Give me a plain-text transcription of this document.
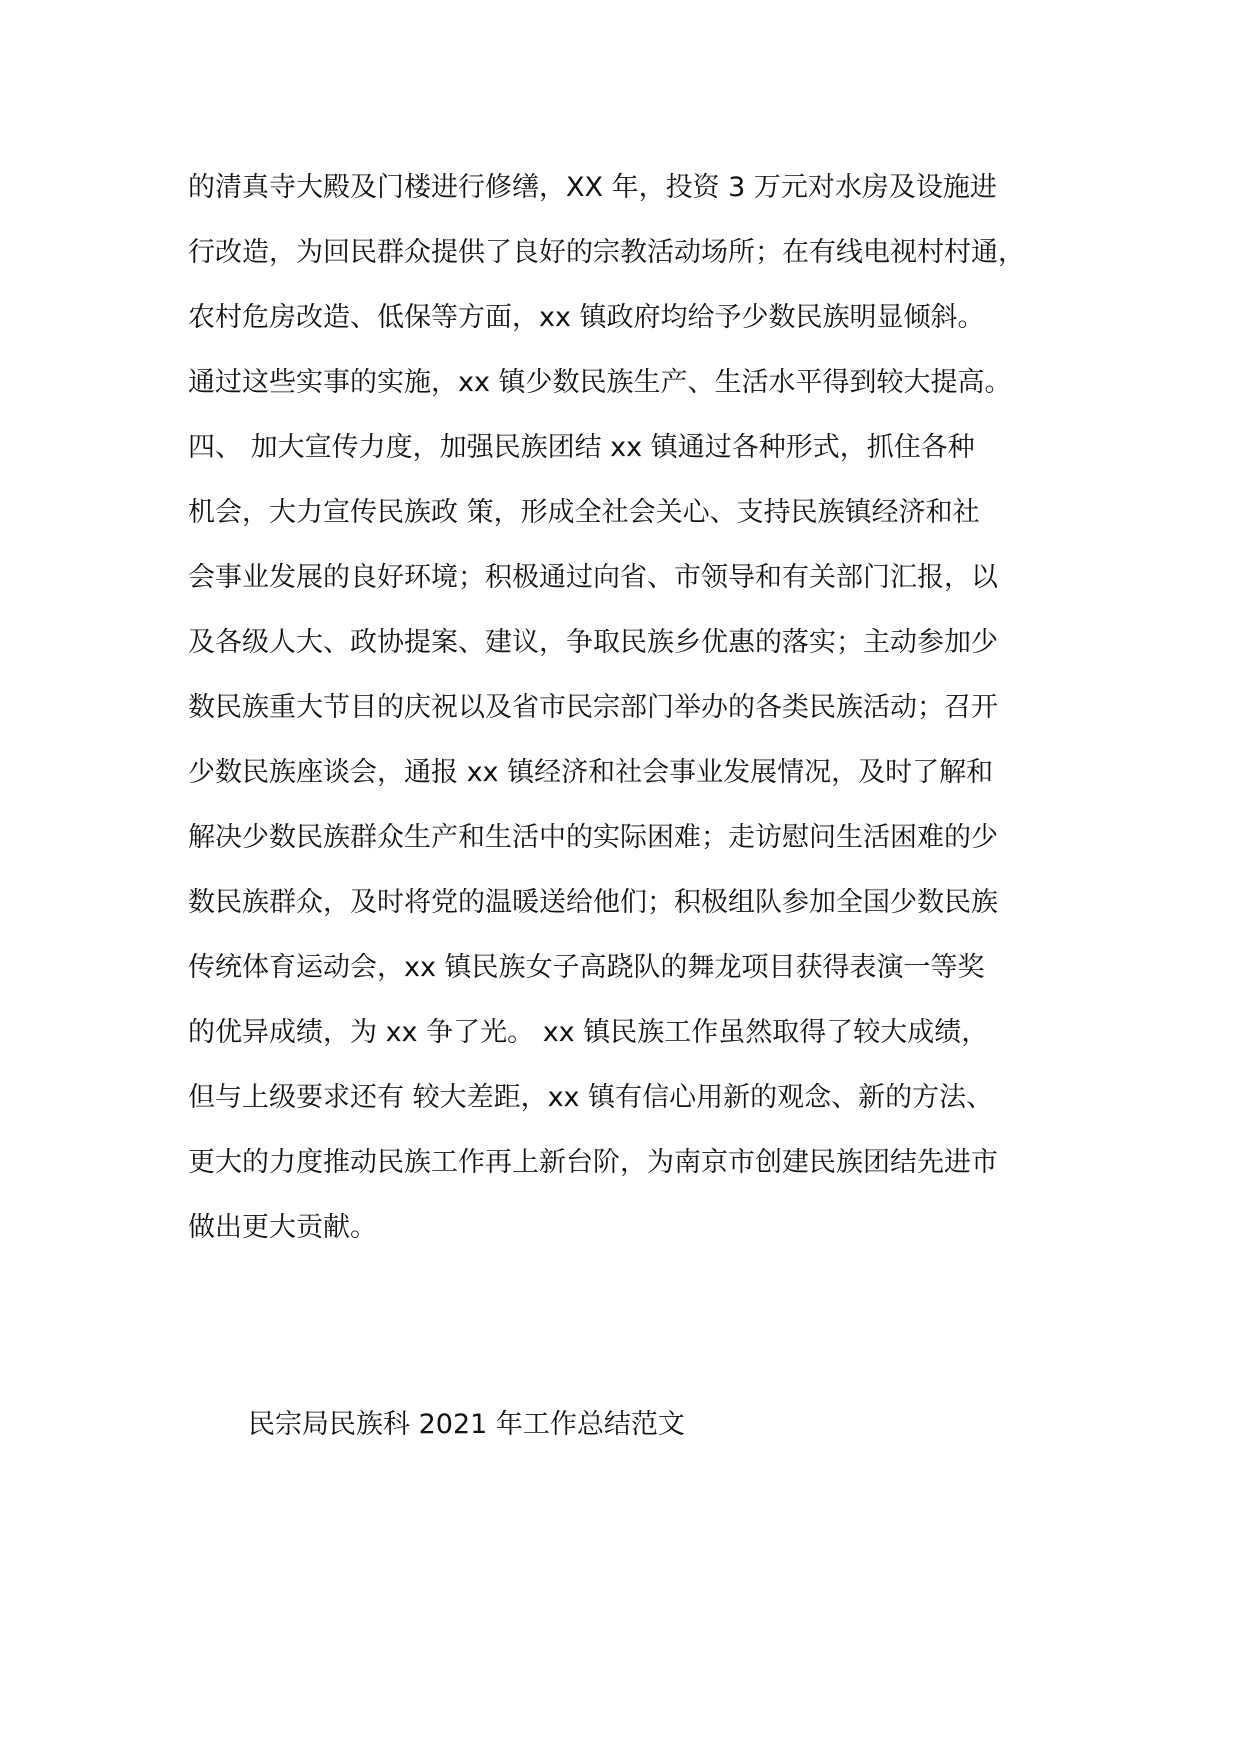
的清真寺大殿及门楼进行修缮，XX 年，投资 3 万元对水房及设施进
行改造，为回民群众提供了良好的宗教活动场所；在有线电视村村通，
农村危房改造、低保等方面，xx 镇政府均给予少数民族明显倾斜。
通过这些实事的实施，xx 镇少数民族生产、生活水平得到较大提高。
四、 加大宣传力度，加强民族团结 xx 镇通过各种形式，抓住各种
机会，大力宣传民族政 策，形成全社会关心、支持民族镇经济和社
会事业发展的良好环境；积极通过向省、市领导和有关部门汇报，以
及各级人大、政协提案、建议，争取民族乡优惠的落实；主动参加少
数民族重大节目的庆祝以及省市民宗部门举办的各类民族活动；召开
少数民族座谈会，通报 xx 镇经济和社会事业发展情况，及时了解和
解决少数民族群众生产和生活中的实际困难；走访慰问生活困难的少
数民族群众，及时将党的温暖送给他们；积极组队参加全国少数民族
传统体育运动会，xx 镇民族女子高跷队的舞龙项目获得表演一等奖
的优异成绩，为 xx 争了光。 xx 镇民族工作虽然取得了较大成绩，
但与上级要求还有 较大差距，xx 镇有信心用新的观念、新的方法、
更大的力度推动民族工作再上新台阶，为南京市创建民族团结先进市
做出更大贡献。
民宗局民族科 2021 年工作总结范文
